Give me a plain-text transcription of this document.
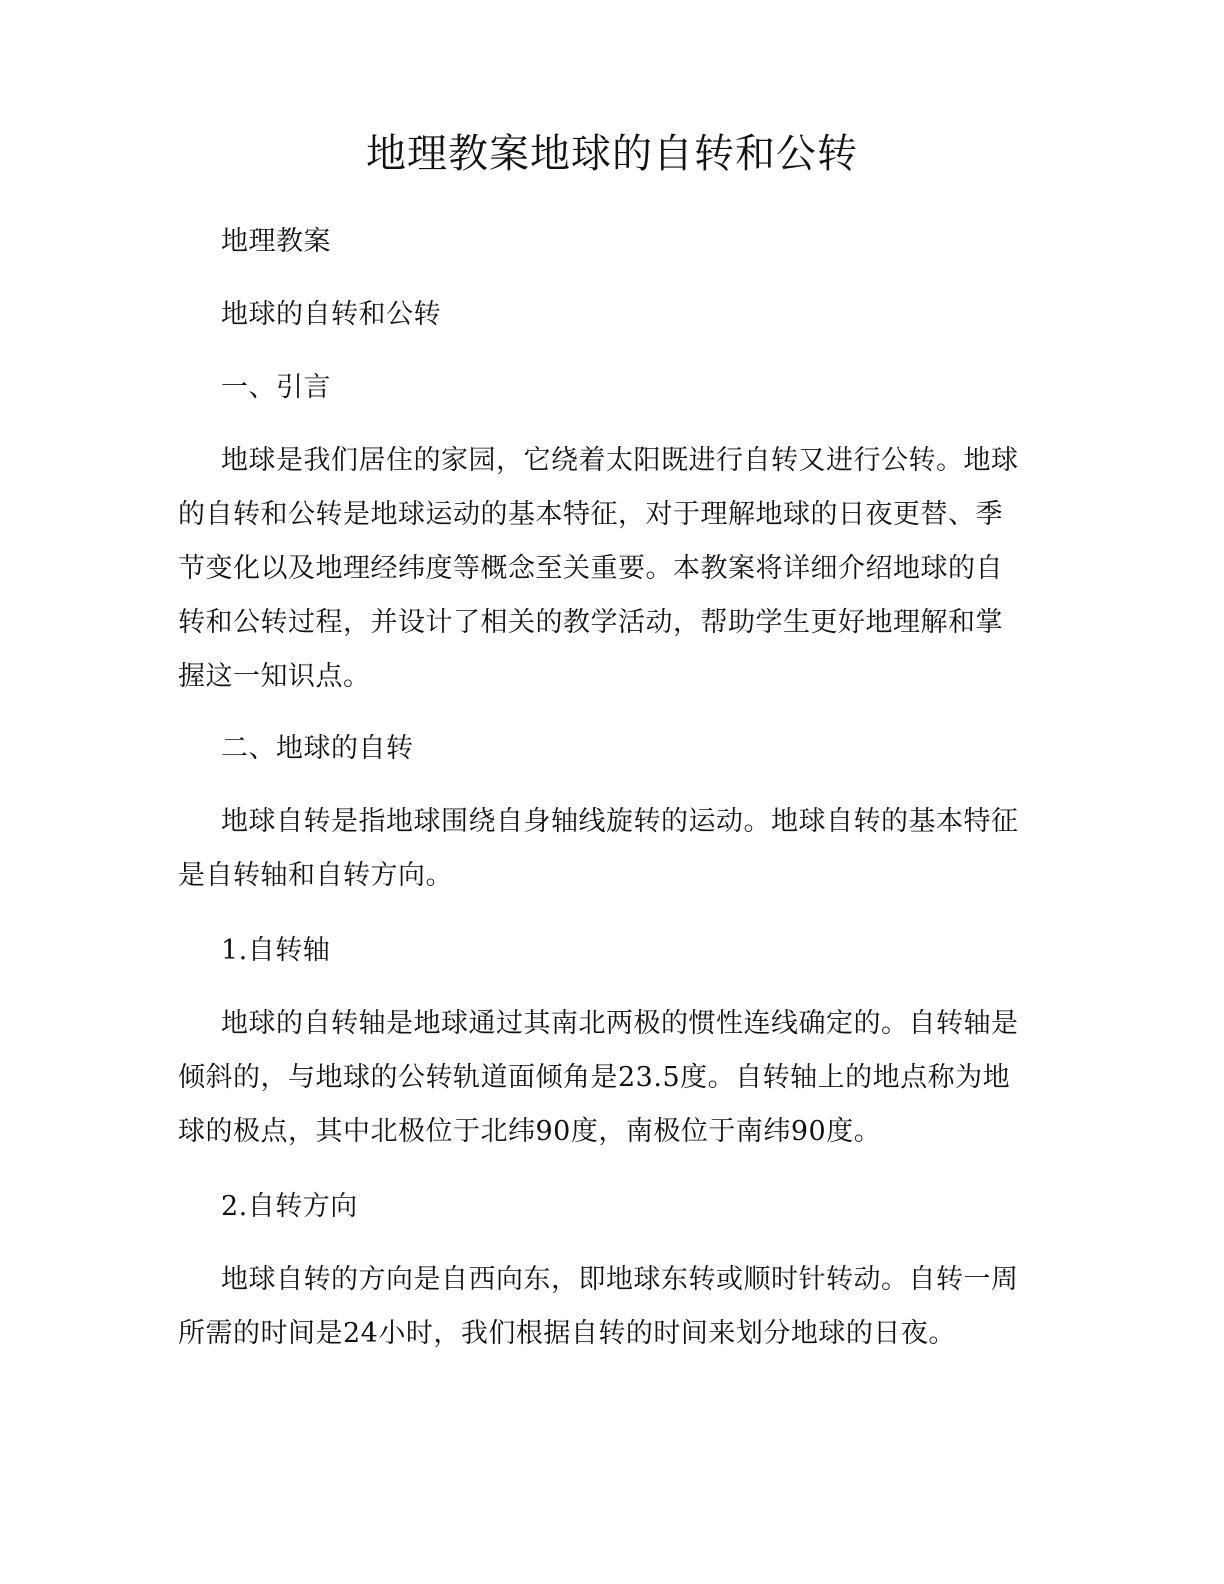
地理教案地球的自转和公转

地理教案

地球的自转和公转

一、引言

地球是我们居住的家园，它绕着太阳既进行自转又进行公转。地球的自转和公转是地球运动的基本特征，对于理解地球的日夜更替、季节变化以及地理经纬度等概念至关重要。本教案将详细介绍地球的自转和公转过程，并设计了相关的教学活动，帮助学生更好地理解和掌握这一知识点。

二、地球的自转

地球自转是指地球围绕自身轴线旋转的运动。地球自转的基本特征是自转轴和自转方向。

1.自转轴

地球的自转轴是地球通过其南北两极的惯性连线确定的。自转轴是倾斜的，与地球的公转轨道面倾角是23.5度。自转轴上的地点称为地球的极点，其中北极位于北纬90度，南极位于南纬90度。

2.自转方向

地球自转的方向是自西向东，即地球东转或顺时针转动。自转一周所需的时间是24小时，我们根据自转的时间来划分地球的日夜。
